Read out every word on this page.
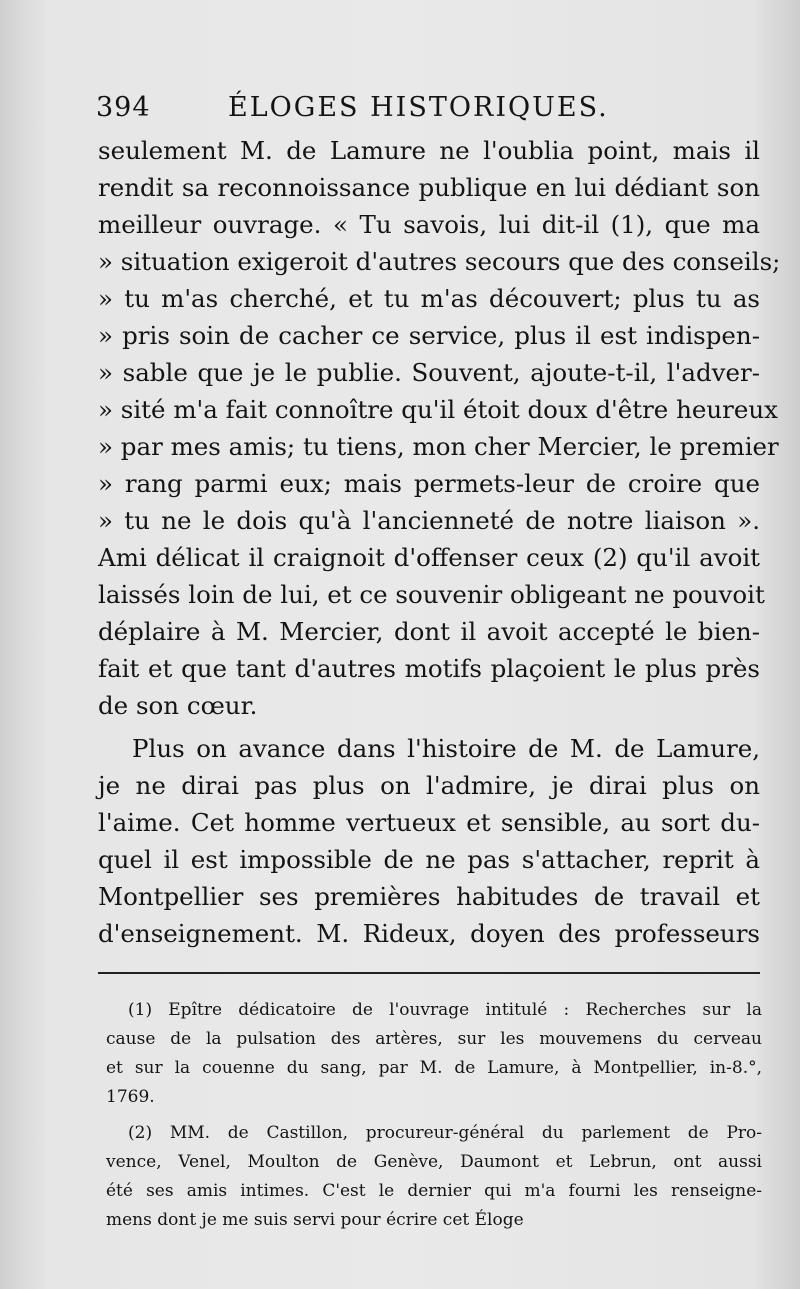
394	ÉLOGES HISTORIQUES.
seulement M. de Lamure ne l'oublia point, mais il
rendit sa reconnoissance publique en lui dédiant son
meilleur ouvrage. « Tu savois, lui dit-il (1), que ma
» situation exigeroit d'autres secours que des conseils;
» tu m'as cherché, et tu m'as découvert; plus tu as
» pris soin de cacher ce service, plus il est indispen-
» sable que je le publie. Souvent, ajoute-t-il, l'adver-
» sité m'a fait connoître qu'il étoit doux d'être heureux
» par mes amis; tu tiens, mon cher Mercier, le premier
» rang parmi eux; mais permets-leur de croire que
» tu ne le dois qu'à l'ancienneté de notre liaison ».
Ami délicat il craignoit d'offenser ceux (2) qu'il avoit
laissés loin de lui, et ce souvenir obligeant ne pouvoit
déplaire à M. Mercier, dont il avoit accepté le bien-
fait et que tant d'autres motifs plaçoient le plus près
de son cœur.
Plus on avance dans l'histoire de M. de Lamure,
je ne dirai pas plus on l'admire, je dirai plus on
l'aime. Cet homme vertueux et sensible, au sort du-
quel il est impossible de ne pas s'attacher, reprit à
Montpellier ses premières habitudes de travail et
d'enseignement. M. Rideux, doyen des professeurs
(1) Epître dédicatoire de l'ouvrage intitulé : Recherches sur la
cause de la pulsation des artères, sur les mouvemens du cerveau
et sur la couenne du sang, par M. de Lamure, à Montpellier, in-8.°,
1769.
(2) MM. de Castillon, procureur-général du parlement de Pro-
vence, Venel, Moulton de Genève, Daumont et Lebrun, ont aussi
été ses amis intimes. C'est le dernier qui m'a fourni les renseigne-
mens dont je me suis servi pour écrire cet Éloge
